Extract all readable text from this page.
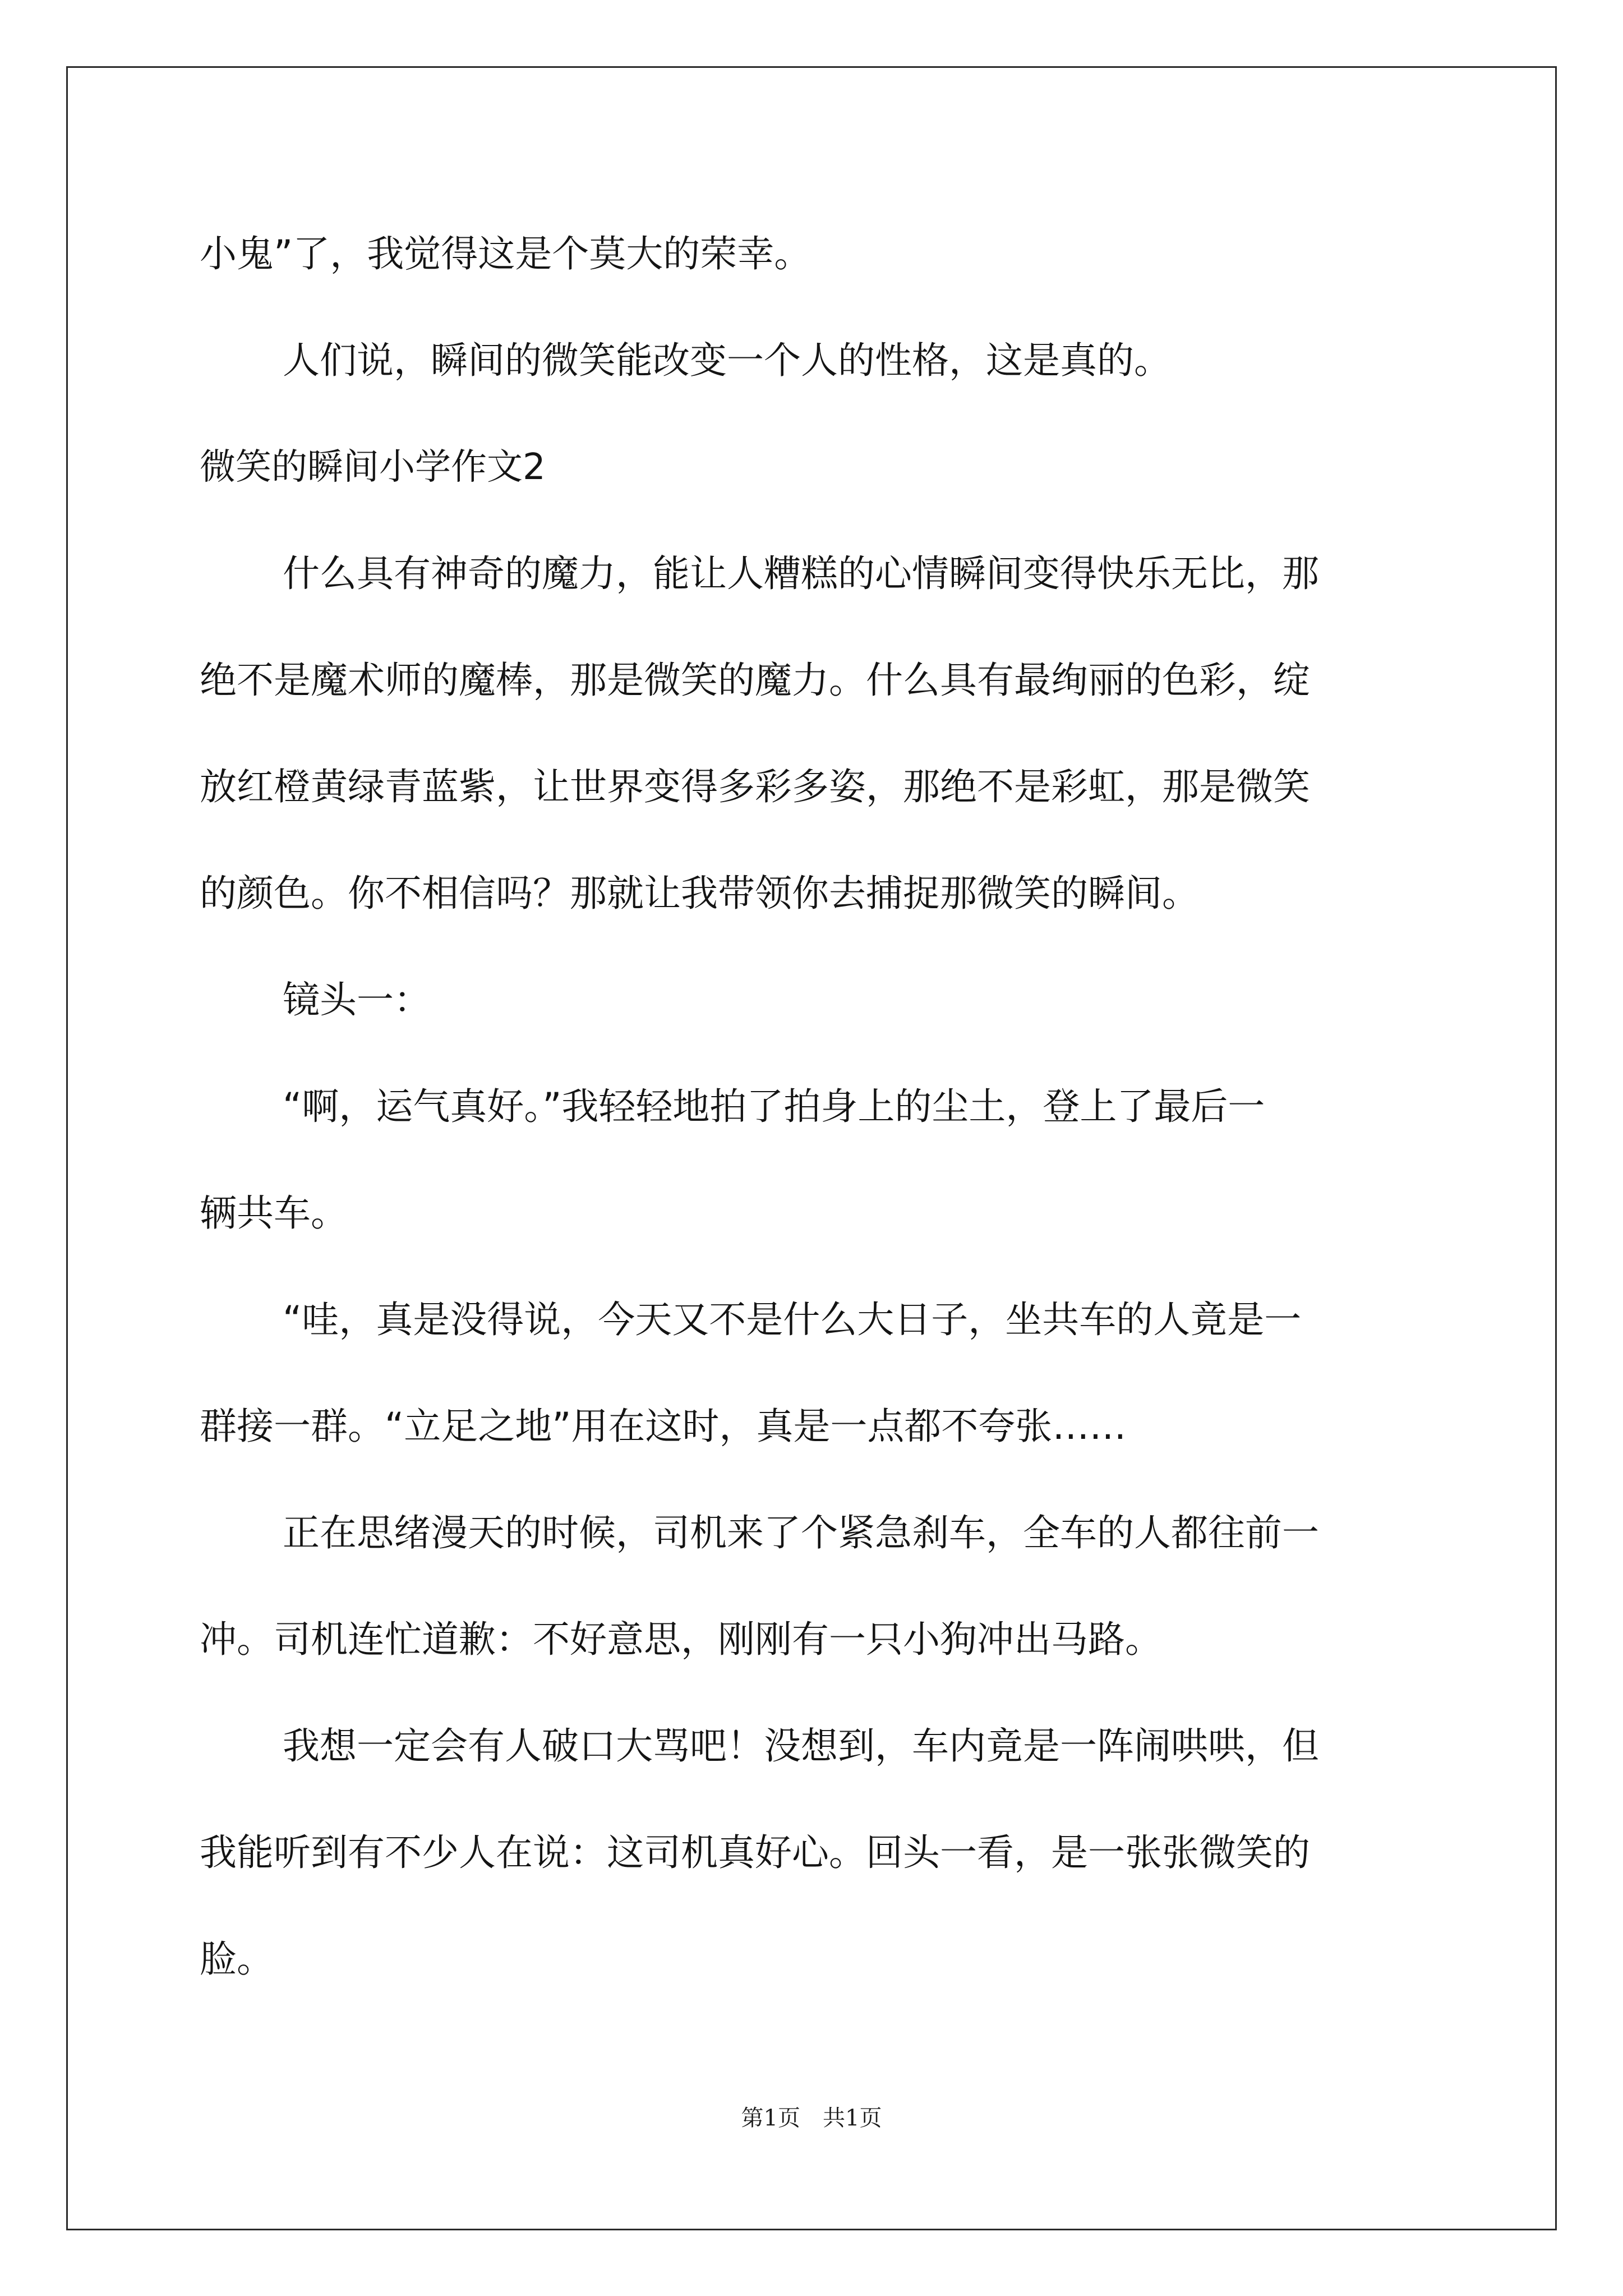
小鬼”了，我觉得这是个莫大的荣幸。
人们说，瞬间的微笑能改变一个人的性格，这是真的。
微笑的瞬间小学作文2
什么具有神奇的魔力，能让人糟糕的心情瞬间变得快乐无比，那
绝不是魔术师的魔棒，那是微笑的魔力。什么具有最绚丽的色彩，绽
放红橙黄绿青蓝紫，让世界变得多彩多姿，那绝不是彩虹，那是微笑
的颜色。你不相信吗？那就让我带领你去捕捉那微笑的瞬间。
镜头一：
“啊，运气真好。”我轻轻地拍了拍身上的尘土，登上了最后一
辆共车。
“哇，真是没得说，今天又不是什么大日子，坐共车的人竟是一
群接一群。“立足之地”用在这时，真是一点都不夸张……
正在思绪漫天的时候，司机来了个紧急刹车，全车的人都往前一
冲。司机连忙道歉：不好意思，刚刚有一只小狗冲出马路。
我想一定会有人破口大骂吧！没想到，车内竟是一阵闹哄哄，但
我能听到有不少人在说：这司机真好心。回头一看，是一张张微笑的
脸。
第1页　共1页
